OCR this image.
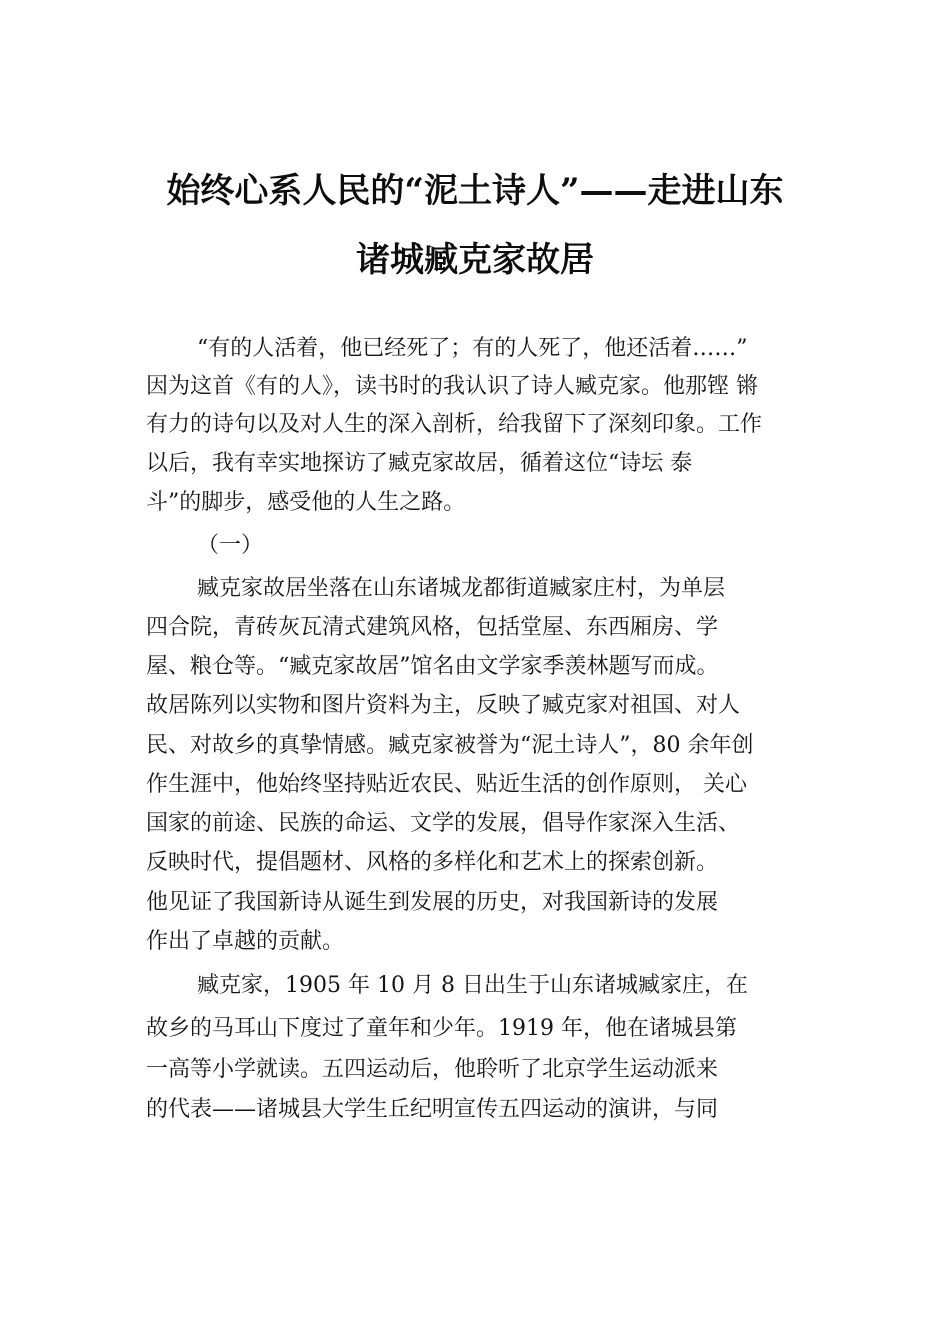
始终心系人民的“泥土诗人”——走进山东
诸城臧克家故居
“有的人活着，他已经死了；有的人死了，他还活着……”
因为这首《有的人》，读书时的我认识了诗人臧克家。他那铿 锵
有力的诗句以及对人生的深入剖析，给我留下了深刻印象。工作
以后，我有幸实地探访了臧克家故居，循着这位“诗坛 泰
斗”的脚步，感受他的人生之路。
（一）
臧克家故居坐落在山东诸城龙都街道臧家庄村，为单层
四合院，青砖灰瓦清式建筑风格，包括堂屋、东西厢房、学
屋、粮仓等。“臧克家故居”馆名由文学家季羡林题写而成。
故居陈列以实物和图片资料为主，反映了臧克家对祖国、对人
民、对故乡的真挚情感。臧克家被誉为“泥土诗人”，80 余年创
作生涯中，他始终坚持贴近农民、贴近生活的创作原则， 关心
国家的前途、民族的命运、文学的发展，倡导作家深入生活、
反映时代，提倡题材、风格的多样化和艺术上的探索创新。
他见证了我国新诗从诞生到发展的历史，对我国新诗的发展
作出了卓越的贡献。
臧克家，1905 年 10 月 8 日出生于山东诸城臧家庄，在
故乡的马耳山下度过了童年和少年。1919 年，他在诸城县第
一高等小学就读。五四运动后，他聆听了北京学生运动派来
的代表——诸城县大学生丘纪明宣传五四运动的演讲，与同
